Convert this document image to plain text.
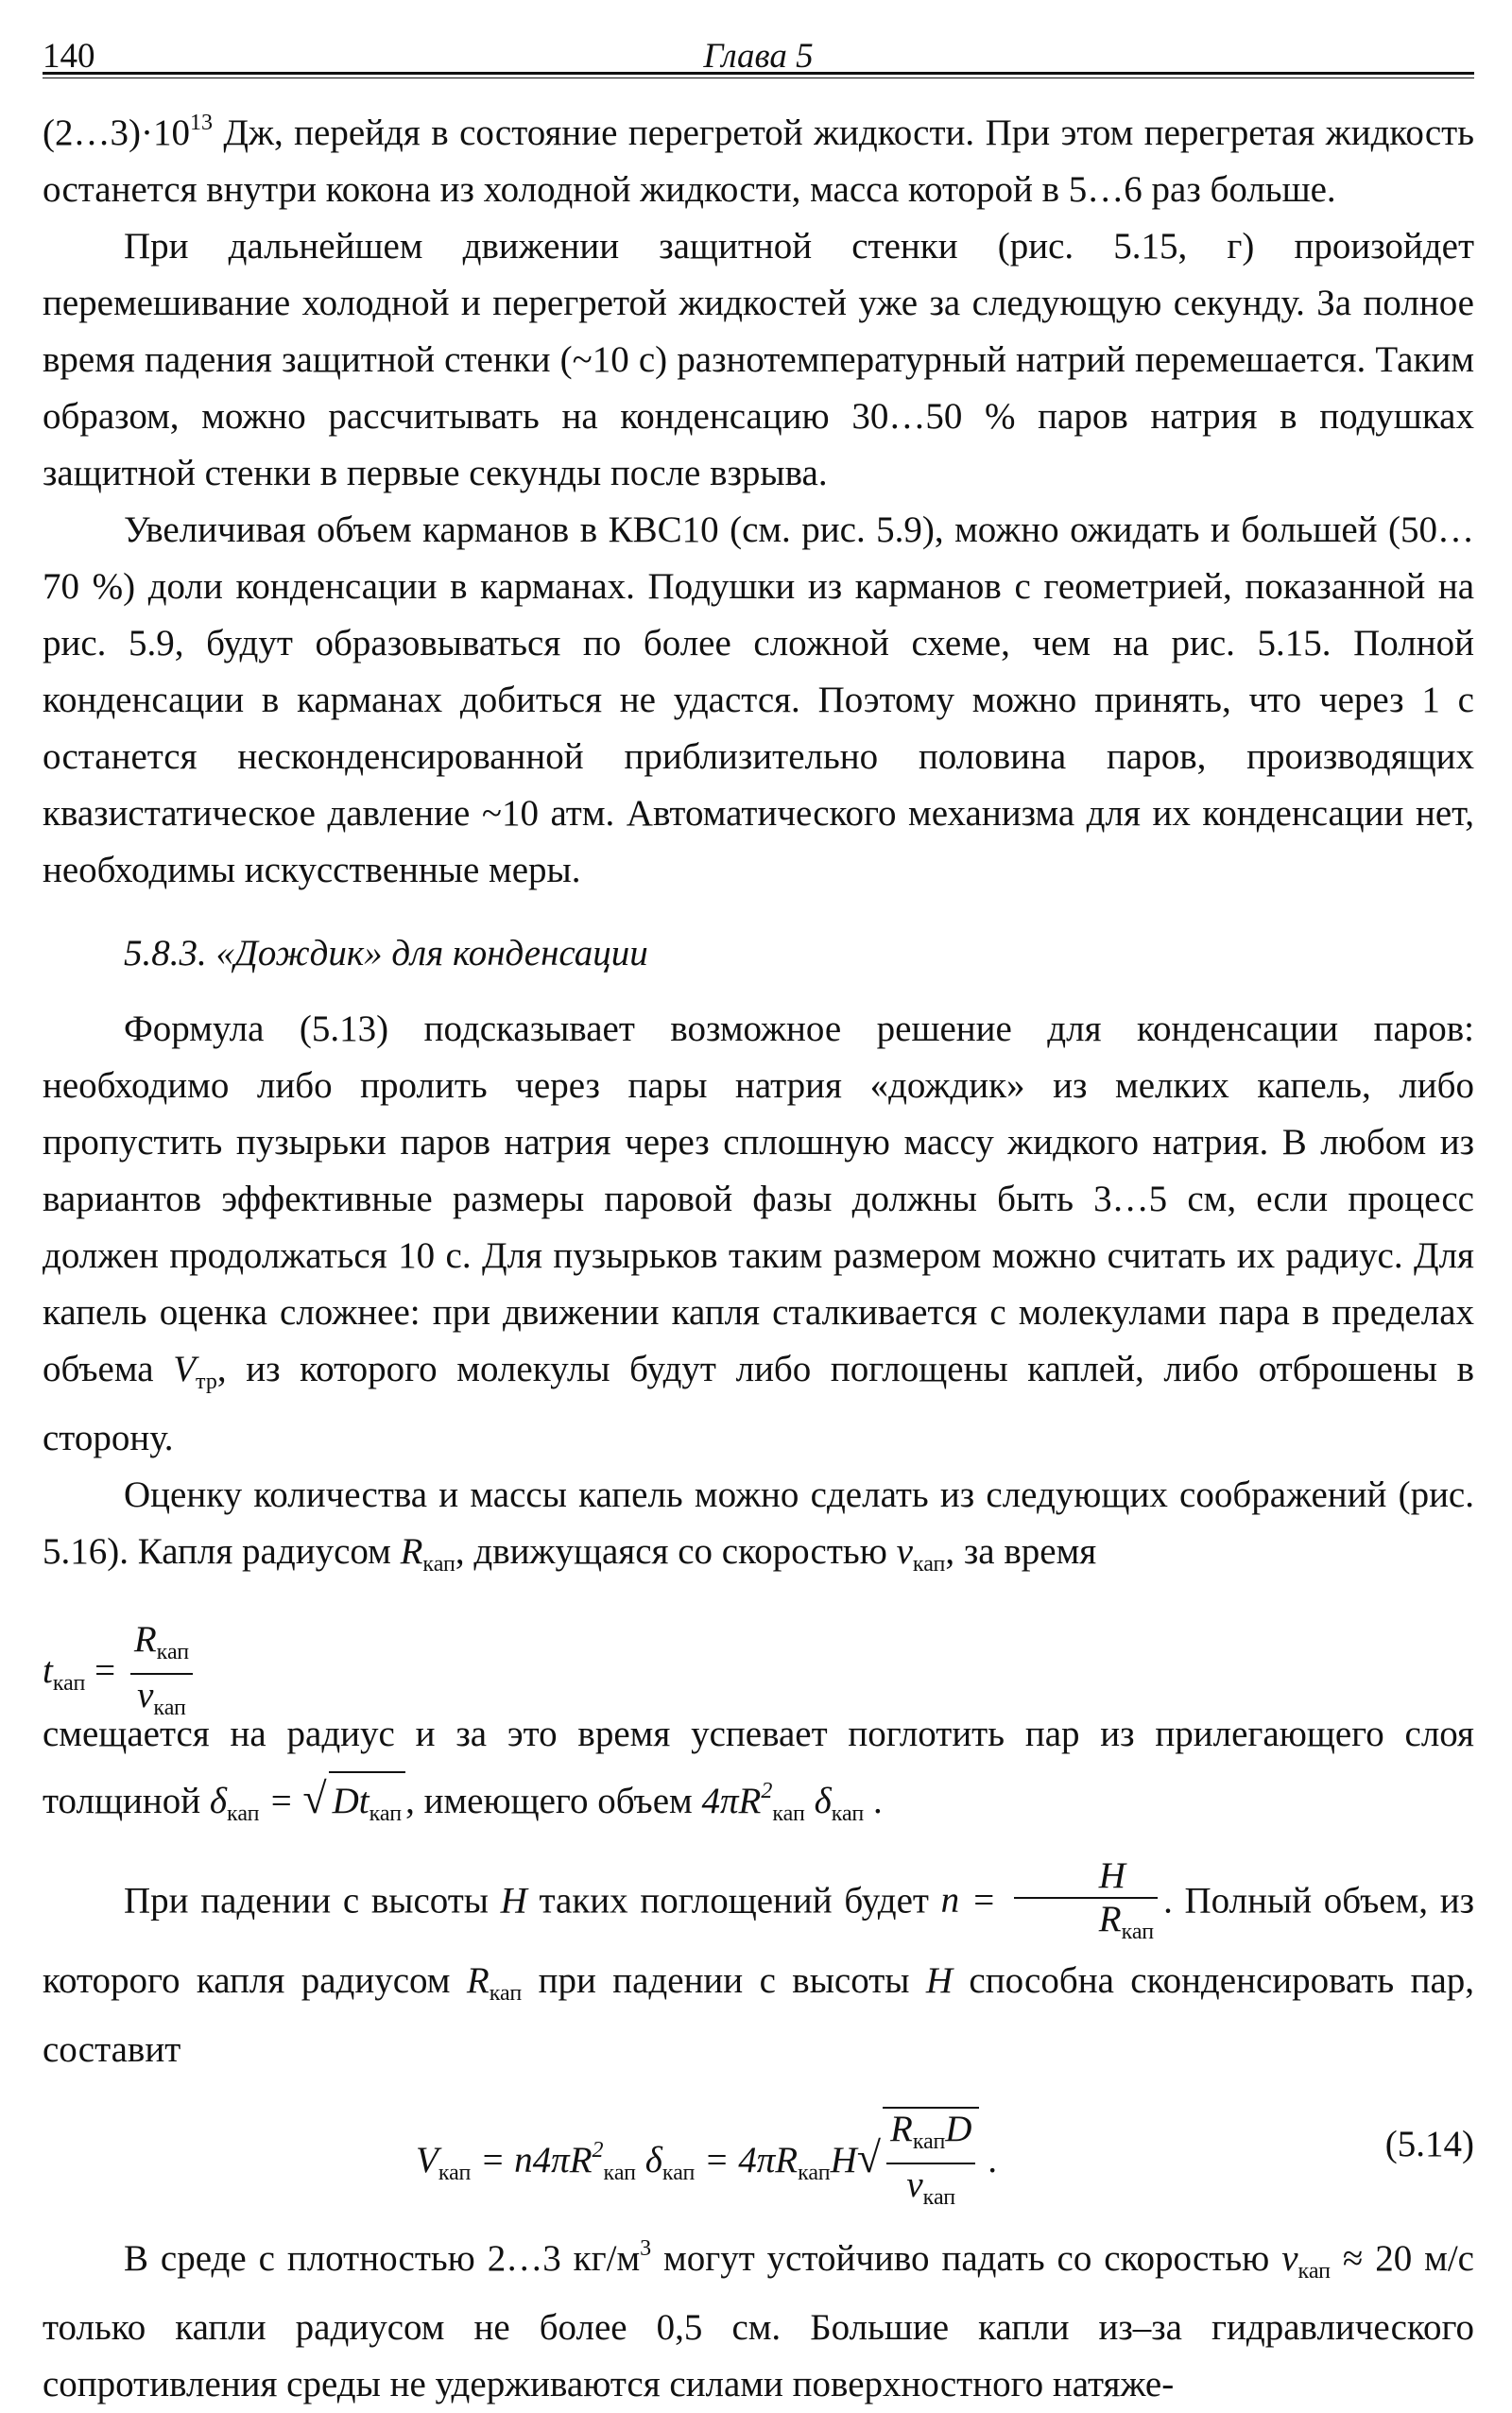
140	Глава 5

$(2\dots 3)\cdot 10^{13}$ Дж, перейдя в состояние перегретой жидкости. При этом перегретая жидкость останется внутри кокона из холодной жидкости, масса которой в 5…6 раз больше.

При дальнейшем движении защитной стенки (рис. 5.15, г) произойдет перемешивание холодной и перегретой жидкостей уже за следующую секунду. За полное время падения защитной стенки (~10 с) разнотемпературный натрий перемешается. Таким образом, можно рассчитывать на конденсацию 30…50 % паров натрия в подушках защитной стенки в первые секунды после взрыва.

Увеличивая объем карманов в КВС10 (см. рис. 5.9), можно ожидать и большей (50…70 %) доли конденсации в карманах. Подушки из карманов с геометрией, показанной на рис. 5.9, будут образовываться по более сложной схеме, чем на рис. 5.15. Полной конденсации в карманах добиться не удастся. Поэтому можно принять, что через 1 с останется несконденсированной приблизительно половина паров, производящих квазистатическое давление ~10 атм. Автоматического механизма для их конденсации нет, необходимы искусственные меры.

5.8.3. «Дождик» для конденсации

Формула (5.13) подсказывает возможное решение для конденсации паров: необходимо либо пролить через пары натрия «дождик» из мелких капель, либо пропустить пузырьки паров натрия через сплошную массу жидкого натрия. В любом из вариантов эффективные размеры паровой фазы должны быть 3…5 см, если процесс должен продолжаться 10 с. Для пузырьков таким размером можно считать их радиус. Для капель оценка сложнее: при движении капля сталкивается с молекулами пара в пределах объема $V_{тр}$, из которого молекулы будут либо поглощены каплей, либо отброшены в сторону.

Оценку количества и массы капель можно сделать из следующих соображений (рис. 5.16). Капля радиусом $R_{кап}$, движущаяся со скоростью $v_{кап}$, за время

$t_{кап} = \frac{R_{кап}}{v_{кап}}$

смещается на радиус и за это время успевает поглотить пар из прилегающего слоя толщиной $\delta_{кап}$ = √ $Dt_{кап}$ , имеющего объем $4\pi R^2_{кап}$ $\delta_{кап}$ .

При падении с высоты H таких поглощений будет $n = \frac{H}{R_{кап}}$ . Полный объем, из которого капля радиусом $R_{кап}$ при падении с высоты H способна сконденсировать пар, составит

$V_{кап} = n4\pi R^2_{кап}$ $\delta_{кап} = 4\pi R_{кап}H√ \frac{R_{кап}D}{v_{кап}}$ .	(5.14)

В среде с плотностью 2…3 $кг/м^3$ могут устойчиво падать со скоростью $v_{кап} \approx 20$ м/с только капли радиусом не более 0,5 см. Большие капли из–за гидравлического сопротивления среды не удерживаются силами поверхностного натяже-
